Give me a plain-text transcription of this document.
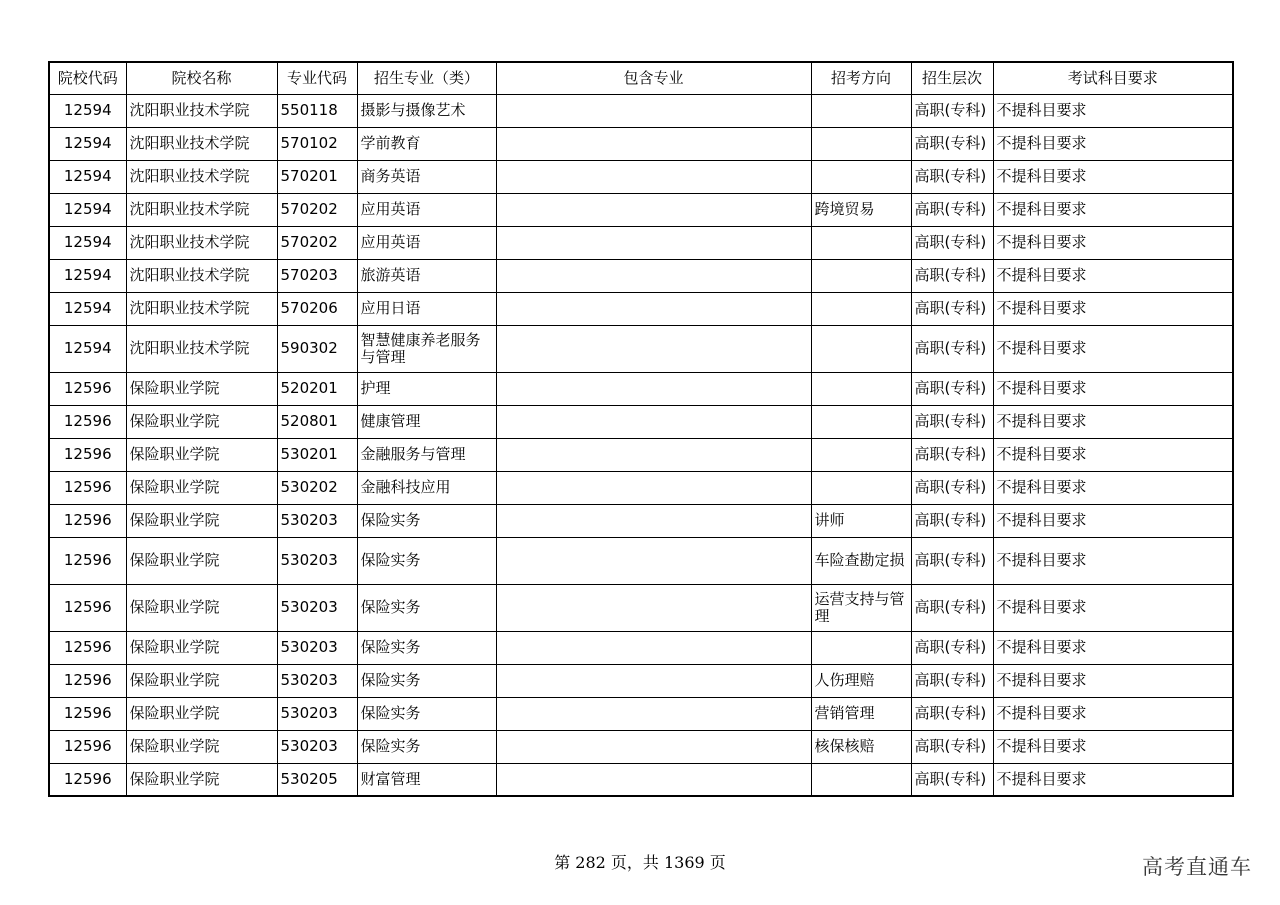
院校代码	院校名称	专业代码	招生专业（类）	包含专业	招考方向	招生层次	考试科目要求
12594	沈阳职业技术学院	550118	摄影与摄像艺术			高职(专科)	不提科目要求
12594	沈阳职业技术学院	570102	学前教育			高职(专科)	不提科目要求
12594	沈阳职业技术学院	570201	商务英语			高职(专科)	不提科目要求
12594	沈阳职业技术学院	570202	应用英语		跨境贸易	高职(专科)	不提科目要求
12594	沈阳职业技术学院	570202	应用英语			高职(专科)	不提科目要求
12594	沈阳职业技术学院	570203	旅游英语			高职(专科)	不提科目要求
12594	沈阳职业技术学院	570206	应用日语			高职(专科)	不提科目要求
12594	沈阳职业技术学院	590302	智慧健康养老服务与管理			高职(专科)	不提科目要求
12596	保险职业学院	520201	护理			高职(专科)	不提科目要求
12596	保险职业学院	520801	健康管理			高职(专科)	不提科目要求
12596	保险职业学院	530201	金融服务与管理			高职(专科)	不提科目要求
12596	保险职业学院	530202	金融科技应用			高职(专科)	不提科目要求
12596	保险职业学院	530203	保险实务		讲师	高职(专科)	不提科目要求
12596	保险职业学院	530203	保险实务		车险查勘定损	高职(专科)	不提科目要求
12596	保险职业学院	530203	保险实务		运营支持与管理	高职(专科)	不提科目要求
12596	保险职业学院	530203	保险实务			高职(专科)	不提科目要求
12596	保险职业学院	530203	保险实务		人伤理赔	高职(专科)	不提科目要求
12596	保险职业学院	530203	保险实务		营销管理	高职(专科)	不提科目要求
12596	保险职业学院	530203	保险实务		核保核赔	高职(专科)	不提科目要求
12596	保险职业学院	530205	财富管理			高职(专科)	不提科目要求
第 282 页，共 1369 页	高考直通车
